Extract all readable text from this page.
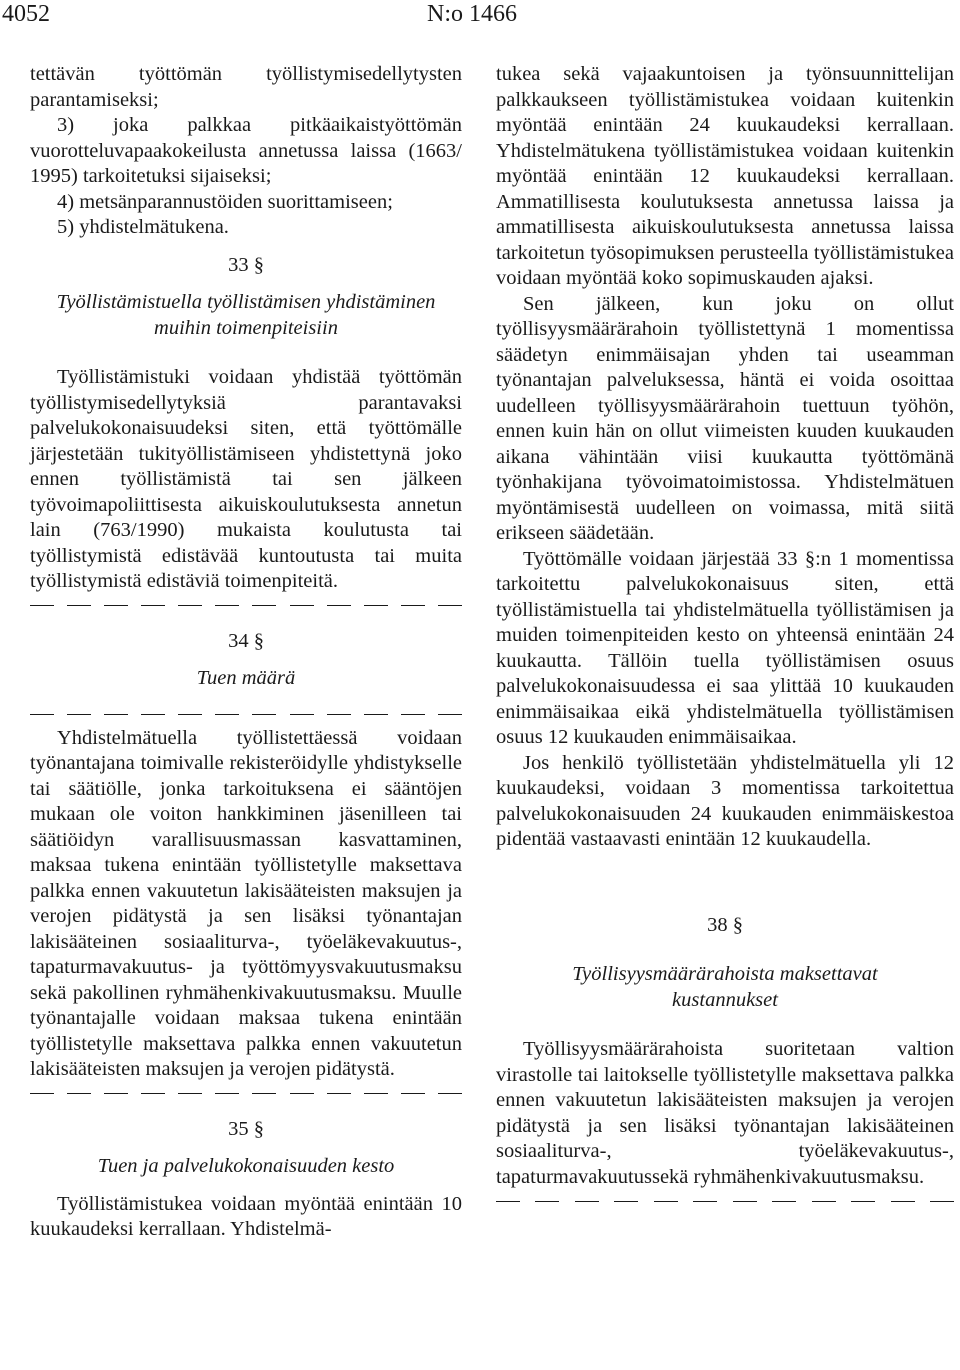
4052	N:o 1466

tettävän työttömän työllistymisedellytysten parantamiseksi;

3) joka palkkaa pitkäaikaistyöttömän vuorotteluvapaakokeilusta annetussa laissa (1663/ 1995) tarkoitetuksi sijaiseksi;

4) metsänparannustöiden suorittamiseen;

5) yhdistelmätukena.

33 §

Työllistämistuella työllistämisen yhdistäminen muihin toimenpiteisiin

Työllistämistuki voidaan yhdistää työttömän työllistymisedellytyksiä parantavaksi palvelukokonaisuudeksi siten, että työttömälle järjestetään tukityöllistämiseen yhdistettynä joko ennen työllistämistä tai sen jälkeen työvoimapoliittisesta aikuiskoulutuksesta annetun lain (763/1990) mukaista koulutusta tai työllistymistä edistävää kuntoutusta tai muita työllistymistä edistäviä toimenpiteitä.

34 §

Tuen määrä

Yhdistelmätuella työllistettäessä voidaan työnantajana toimivalle rekisteröidylle yhdistykselle tai säätiölle, jonka tarkoituksena ei sääntöjen mukaan ole voiton hankkiminen jäsenilleen tai säätiöidyn varallisuusmassan kasvattaminen, maksaa tukena enintään työllistetylle maksettava palkka ennen vakuutetun lakisääteisten maksujen ja verojen pidätystä ja sen lisäksi työnantajan lakisääteinen sosiaaliturva-, työeläkevakuutus-, tapaturmavakuutus- ja työttömyysvakuutusmaksu sekä pakollinen ryhmähenkivakuutusmaksu. Muulle työnantajalle voidaan maksaa tukena enintään työllistetylle maksettava palkka ennen vakuutetun lakisääteisten maksujen ja verojen pidätystä.

35 §

Tuen ja palvelukokonaisuuden kesto

Työllistämistukea voidaan myöntää enintään 10 kuukaudeksi kerrallaan. Yhdistelmä-

tukea sekä vajaakuntoisen ja työnsuunnittelijan palkkaukseen työllistämistukea voidaan kuitenkin myöntää enintään 24 kuukaudeksi kerrallaan. Yhdistelmätukena työllistämistukea voidaan kuitenkin myöntää enintään 12 kuukaudeksi kerrallaan. Ammatillisesta koulutuksesta annetussa laissa ja ammatillisesta aikuiskoulutuksesta annetussa laissa tarkoitetun työsopimuksen perusteella työllistämistukea voidaan myöntää koko sopimuskauden ajaksi.

Sen jälkeen, kun joku on ollut työllisyysmäärärahoin työllistettynä 1 momentissa säädetyn enimmäisajan yhden tai useamman työnantajan palveluksessa, häntä ei voida osoittaa uudelleen työllisyysmäärärahoin tuettuun työhön, ennen kuin hän on ollut viimeisten kuuden kuukauden aikana vähintään viisi kuukautta työttömänä työnhakijana työvoimatoimistossa. Yhdistelmätuen myöntämisestä uudelleen on voimassa, mitä siitä erikseen säädetään.

Työttömälle voidaan järjestää 33 §:n 1 momentissa tarkoitettu palvelukokonaisuus siten, että työllistämistuella tai yhdistelmätuella työllistämisen ja muiden toimenpiteiden kesto on yhteensä enintään 24 kuukautta. Tällöin tuella työllistämisen osuus palvelukokonaisuudessa ei saa ylittää 10 kuukauden enimmäisaikaa eikä yhdistelmätuella työllistämisen osuus 12 kuukauden enimmäisaikaa.

Jos henkilö työllistetään yhdistelmätuella yli 12 kuukaudeksi, voidaan 3 momentissa tarkoitettua palvelukokonaisuuden 24 kuukauden enimmäiskestoa pidentää vastaavasti enintään 12 kuukaudella.

38 §

Työllisyysmäärärahoista maksettavat kustannukset

Työllisyysmäärärahoista suoritetaan valtion virastolle tai laitokselle työllistetylle maksettava palkka ennen vakuutetun lakisääteisten maksujen ja verojen pidätystä ja sen lisäksi työnantajan lakisääteinen sosiaaliturva-, työeläkevakuutus-, tapaturmavakuutussekä ryhmähenkivakuutusmaksu.
